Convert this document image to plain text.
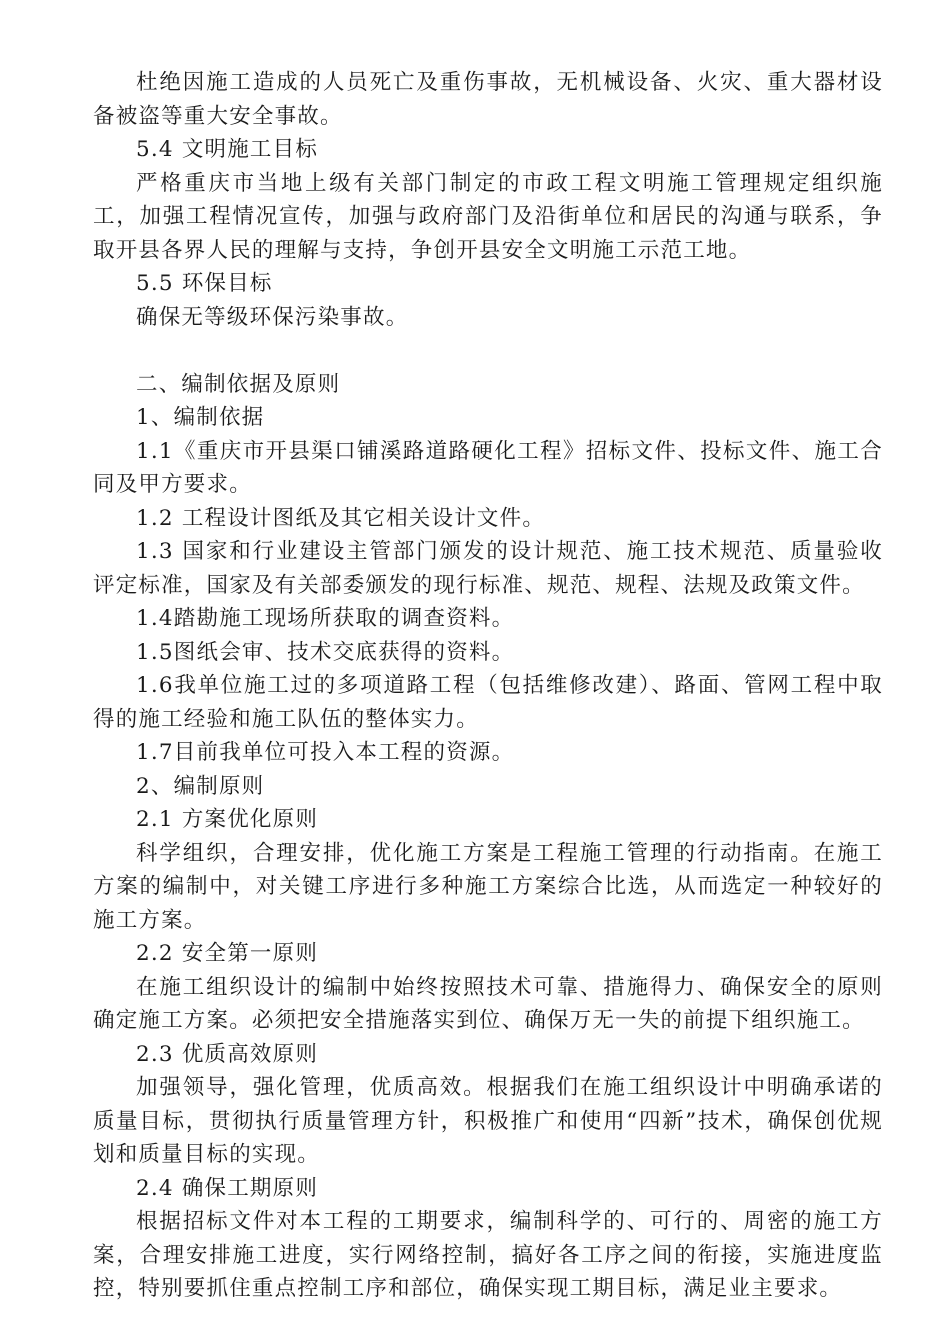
杜绝因施工造成的人员死亡及重伤事故，无机械设备、火灾、重大器材设备被盗等重大安全事故。

5.4 文明施工目标

严格重庆市当地上级有关部门制定的市政工程文明施工管理规定组织施工，加强工程情况宣传，加强与政府部门及沿街单位和居民的沟通与联系，争取开县各界人民的理解与支持，争创开县安全文明施工示范工地。

5.5 环保目标

确保无等级环保污染事故。

二、编制依据及原则

1、编制依据

1.1《重庆市开县渠口铺溪路道路硬化工程》招标文件、投标文件、施工合同及甲方要求。

1.2 工程设计图纸及其它相关设计文件。

1.3 国家和行业建设主管部门颁发的设计规范、施工技术规范、质量验收评定标准，国家及有关部委颁发的现行标准、规范、规程、法规及政策文件。

1.4踏勘施工现场所获取的调查资料。

1.5图纸会审、技术交底获得的资料。

1.6我单位施工过的多项道路工程（包括维修改建）、路面、管网工程中取得的施工经验和施工队伍的整体实力。

1.7目前我单位可投入本工程的资源。

2、编制原则

2.1 方案优化原则

科学组织，合理安排，优化施工方案是工程施工管理的行动指南。在施工方案的编制中，对关键工序进行多种施工方案综合比选，从而选定一种较好的施工方案。

2.2 安全第一原则

在施工组织设计的编制中始终按照技术可靠、措施得力、确保安全的原则确定施工方案。必须把安全措施落实到位、确保万无一失的前提下组织施工。

2.3 优质高效原则

加强领导，强化管理，优质高效。根据我们在施工组织设计中明确承诺的质量目标，贯彻执行质量管理方针，积极推广和使用“四新”技术，确保创优规划和质量目标的实现。

2.4 确保工期原则

根据招标文件对本工程的工期要求，编制科学的、可行的、周密的施工方案，合理安排施工进度，实行网络控制，搞好各工序之间的衔接，实施进度监控，特别要抓住重点控制工序和部位，确保实现工期目标，满足业主要求。
